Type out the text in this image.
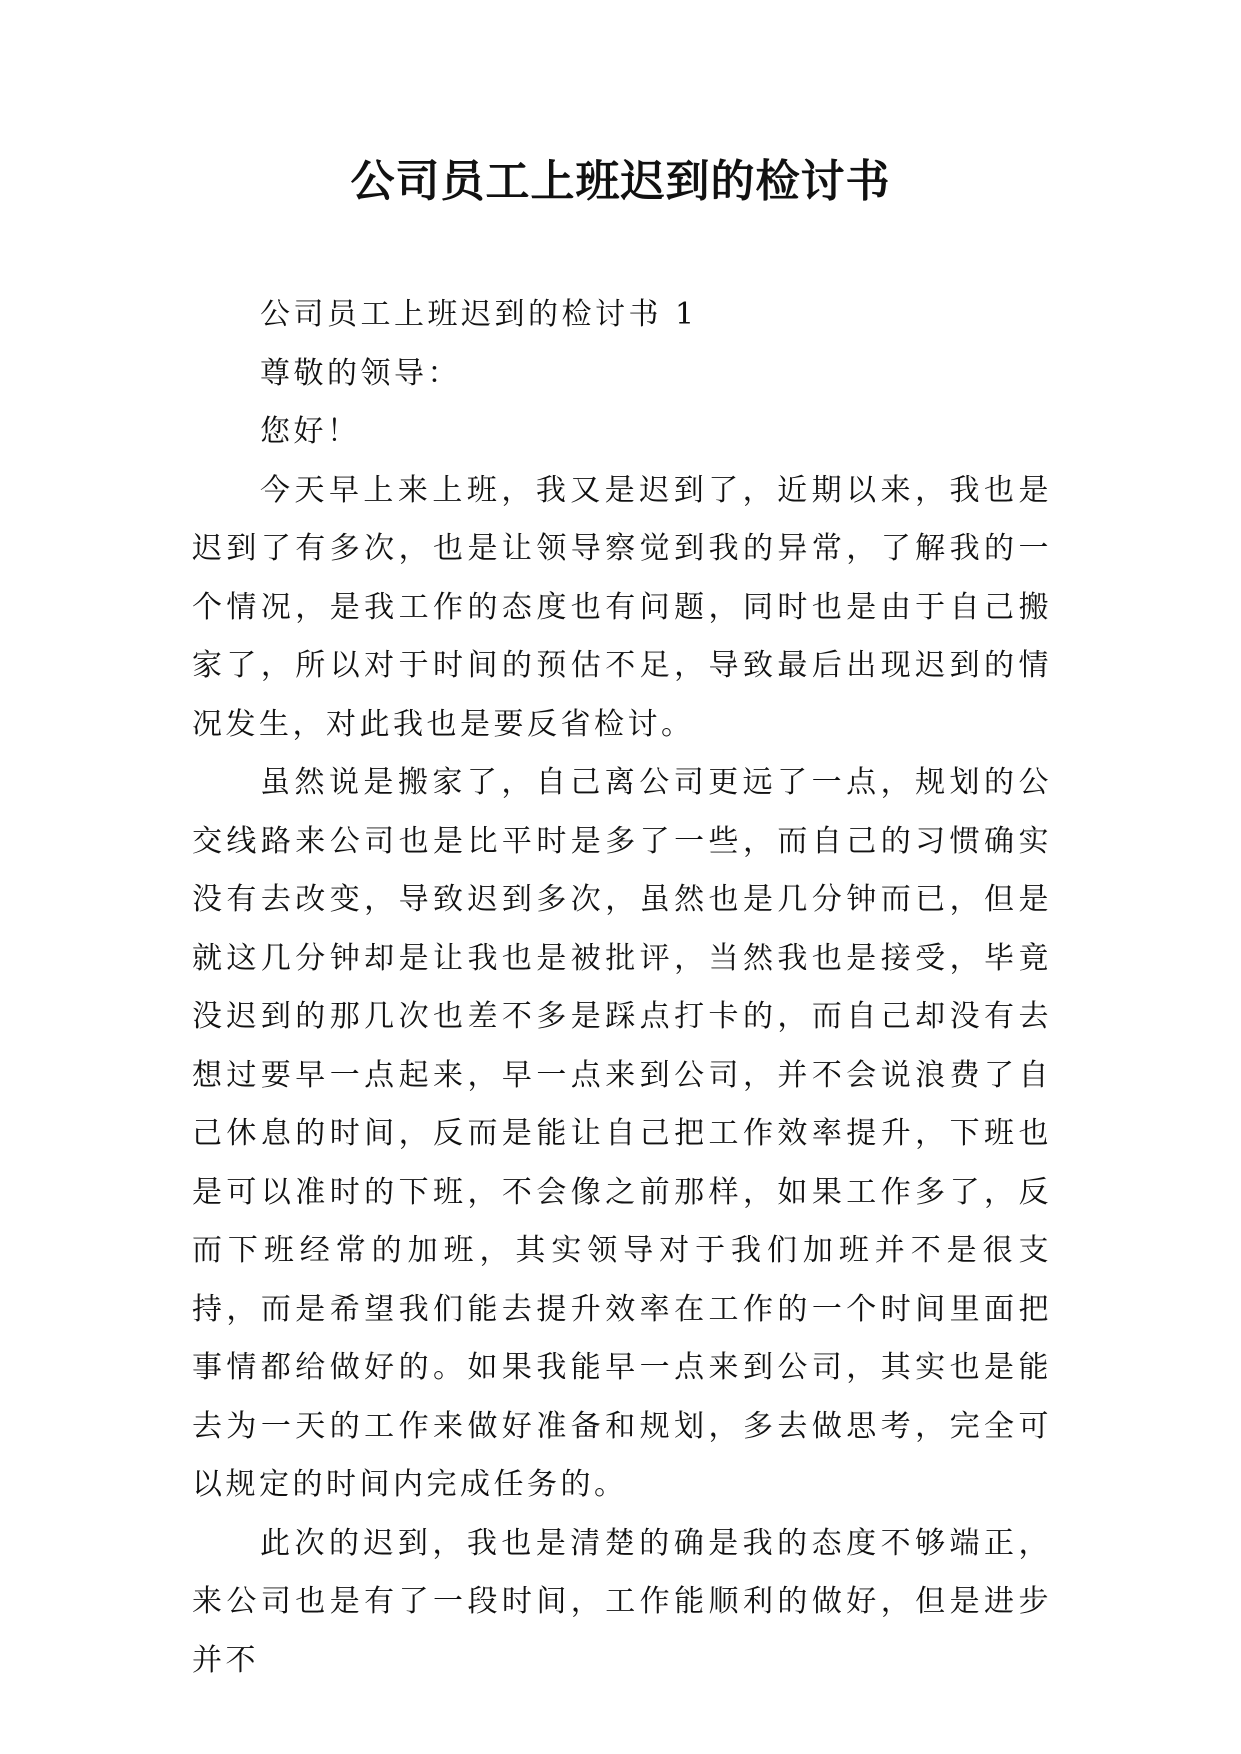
公司员工上班迟到的检讨书

公司员工上班迟到的检讨书 1

尊敬的领导：

您好！

今天早上来上班，我又是迟到了，近期以来，我也是迟到了有多次，也是让领导察觉到我的异常，了解我的一个情况，是我工作的态度也有问题，同时也是由于自己搬家了，所以对于时间的预估不足，导致最后出现迟到的情况发生，对此我也是要反省检讨。

虽然说是搬家了，自己离公司更远了一点，规划的公交线路来公司也是比平时是多了一些，而自己的习惯确实没有去改变，导致迟到多次，虽然也是几分钟而已，但是就这几分钟却是让我也是被批评，当然我也是接受，毕竟没迟到的那几次也差不多是踩点打卡的，而自己却没有去想过要早一点起来，早一点来到公司，并不会说浪费了自己休息的时间，反而是能让自己把工作效率提升，下班也是可以准时的下班，不会像之前那样，如果工作多了，反而下班经常的加班，其实领导对于我们加班并不是很支持，而是希望我们能去提升效率在工作的一个时间里面把事情都给做好的。如果我能早一点来到公司，其实也是能去为一天的工作来做好准备和规划，多去做思考，完全可以规定的时间内完成任务的。

此次的迟到，我也是清楚的确是我的态度不够端正，来公司也是有了一段时间，工作能顺利的做好，但是进步并不
